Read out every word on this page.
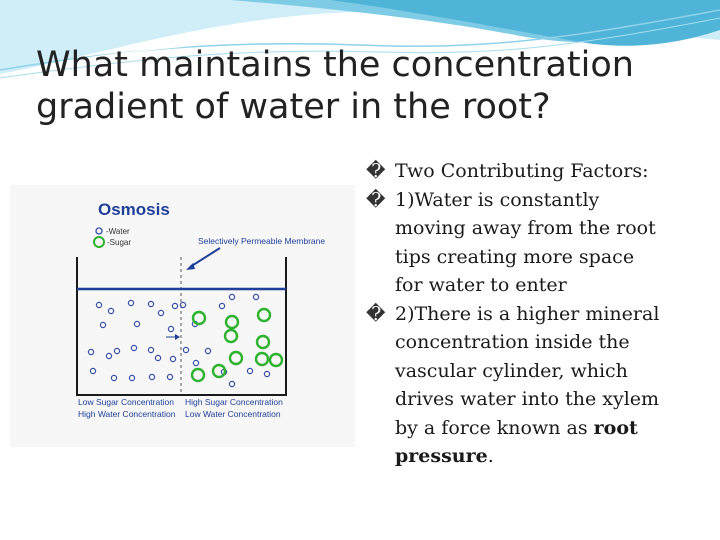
What maintains the concentration
gradient of water in the root?
Osmosis
-Water
-Sugar	Selectively Permeable Membrane
Low Sugar Concentration
High Water Concentration
High Sugar Concentration
Low Water Concentration
� Two Contributing Factors:

� 1)Water is constantly
moving away from the root
tips creating more space
for water to enter

� 2)There is a higher mineral
concentration inside the
vascular cylinder, which
drives water into the xylem
by a force known as root
pressure.
